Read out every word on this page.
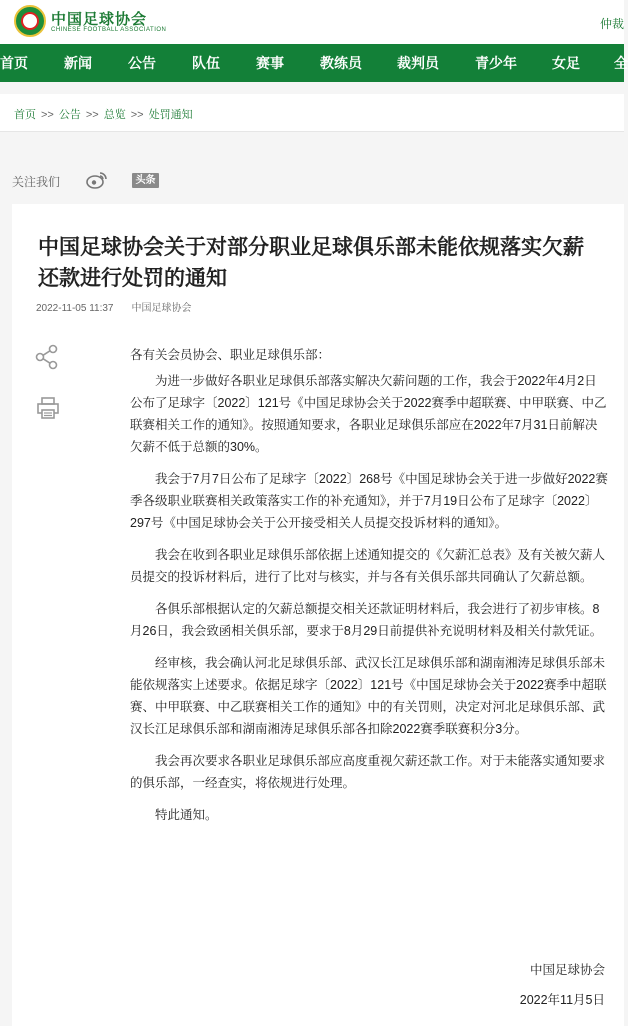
中国足球协会
CHINESE FOOTBALL ASSOCIATION	仲裁
首页	新闻	公告	队伍	赛事	教练员	裁判员	青少年	女足 全
首页 >> 公告 >> 总览 >> 处罚通知
关注我们	头条
中国足球协会关于对部分职业足球俱乐部未能依规落实欠薪还款进行处罚的通知
2022-11-05 11:37 中国足球协会

各有关会员协会、职业足球俱乐部：

为进一步做好各职业足球俱乐部落实解决欠薪问题的工作，我会于2022年4月2日公布了足球字〔2022〕121号《中国足球协会关于2022赛季中超联赛、中甲联赛、中乙联赛相关工作的通知》。按照通知要求，各职业足球俱乐部应在2022年7月31日前解决欠薪不低于总额的30%。

我会于7月7日公布了足球字〔2022〕268号《中国足球协会关于进一步做好2022赛季各级职业联赛相关政策落实工作的补充通知》，并于7月19日公布了足球字〔2022〕297号《中国足球协会关于公开接受相关人员提交投诉材料的通知》。

我会在收到各职业足球俱乐部依据上述通知提交的《欠薪汇总表》及有关被欠薪人员提交的投诉材料后，进行了比对与核实，并与各有关俱乐部共同确认了欠薪总额。

各俱乐部根据认定的欠薪总额提交相关还款证明材料后，我会进行了初步审核。8月26日，我会致函相关俱乐部，要求于8月29日前提供补充说明材料及相关付款凭证。

经审核，我会确认河北足球俱乐部、武汉长江足球俱乐部和湖南湘涛足球俱乐部未能依规落实上述要求。依据足球字〔2022〕121号《中国足球协会关于2022赛季中超联赛、中甲联赛、中乙联赛相关工作的通知》中的有关罚则，决定对河北足球俱乐部、武汉长江足球俱乐部和湖南湘涛足球俱乐部各扣除2022赛季联赛积分3分。

我会再次要求各职业足球俱乐部应高度重视欠薪还款工作。对于未能落实通知要求的俱乐部，一经查实，将依规进行处理。

特此通知。

中国足球协会
2022年11月5日
